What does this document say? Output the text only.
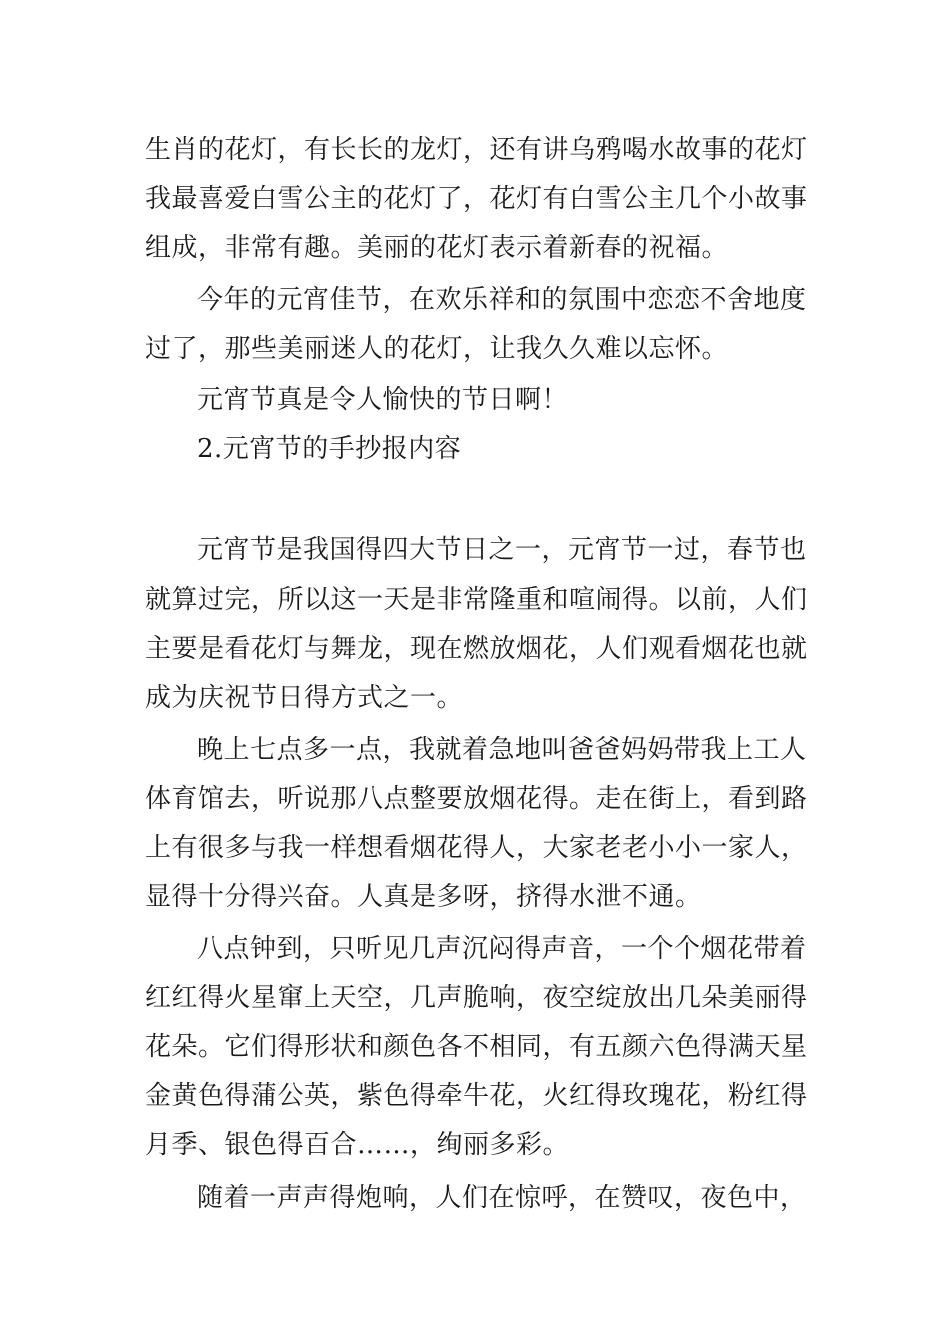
生肖的花灯，有长长的龙灯，还有讲乌鸦喝水故事的花灯
我最喜爱白雪公主的花灯了，花灯有白雪公主几个小故事
组成，非常有趣。美丽的花灯表示着新春的祝福。
今年的元宵佳节，在欢乐祥和的氛围中恋恋不舍地度
过了，那些美丽迷人的花灯，让我久久难以忘怀。
元宵节真是令人愉快的节日啊！
2.元宵节的手抄报内容
元宵节是我国得四大节日之一，元宵节一过，春节也
就算过完，所以这一天是非常隆重和喧闹得。以前，人们
主要是看花灯与舞龙，现在燃放烟花，人们观看烟花也就
成为庆祝节日得方式之一。
晚上七点多一点，我就着急地叫爸爸妈妈带我上工人
体育馆去，听说那八点整要放烟花得。走在街上，看到路
上有很多与我一样想看烟花得人，大家老老小小一家人，
显得十分得兴奋。人真是多呀，挤得水泄不通。
八点钟到，只听见几声沉闷得声音，一个个烟花带着
红红得火星窜上天空，几声脆响，夜空绽放出几朵美丽得
花朵。它们得形状和颜色各不相同，有五颜六色得满天星
金黄色得蒲公英，紫色得牵牛花，火红得玫瑰花，粉红得
月季、银色得百合……，绚丽多彩。
随着一声声得炮响，人们在惊呼，在赞叹，夜色中，
